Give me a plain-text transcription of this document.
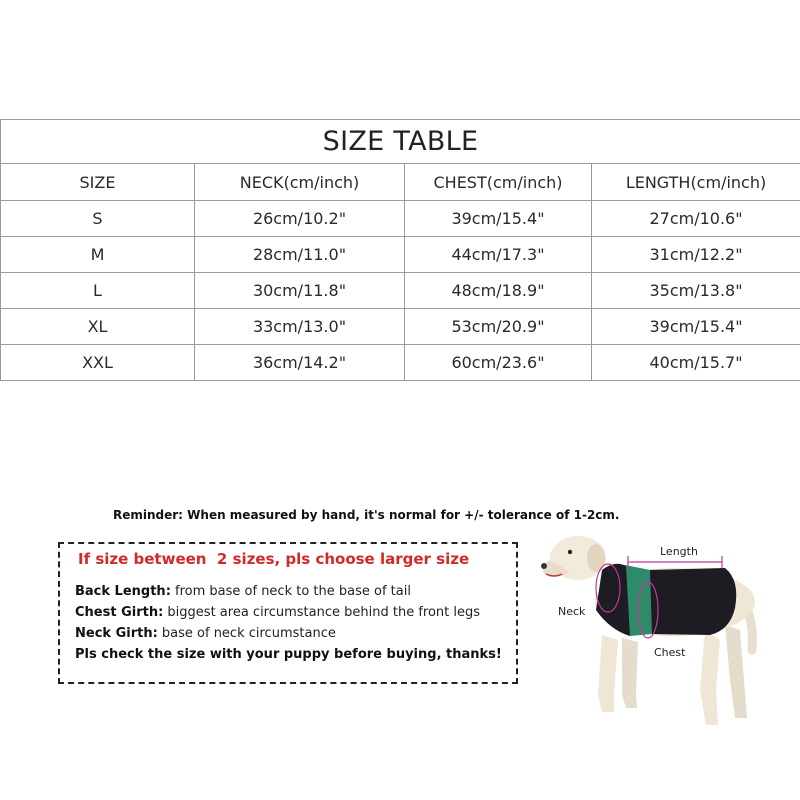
SIZE TABLE			
SIZE	NECK(cm/inch)	CHEST(cm/inch)	LENGTH(cm/inch)
S	26cm/10.2"	39cm/15.4"	27cm/10.6"
M	28cm/11.0"	44cm/17.3"	31cm/12.2"
L	30cm/11.8"	48cm/18.9"	35cm/13.8"
XL	33cm/13.0"	53cm/20.9"	39cm/15.4"
XXL	36cm/14.2"	60cm/23.6"	40cm/15.7"
Reminder: When measured by hand, it's normal for +/- tolerance of 1-2cm.
If size between  2 sizes, pls choose larger size
Back Length: from base of neck to the base of tail
Chest Girth: biggest area circumstance behind the front legs
Neck Girth: base of neck circumstance
Pls check the size with your puppy before buying, thanks!
Length
Neck
Chest
